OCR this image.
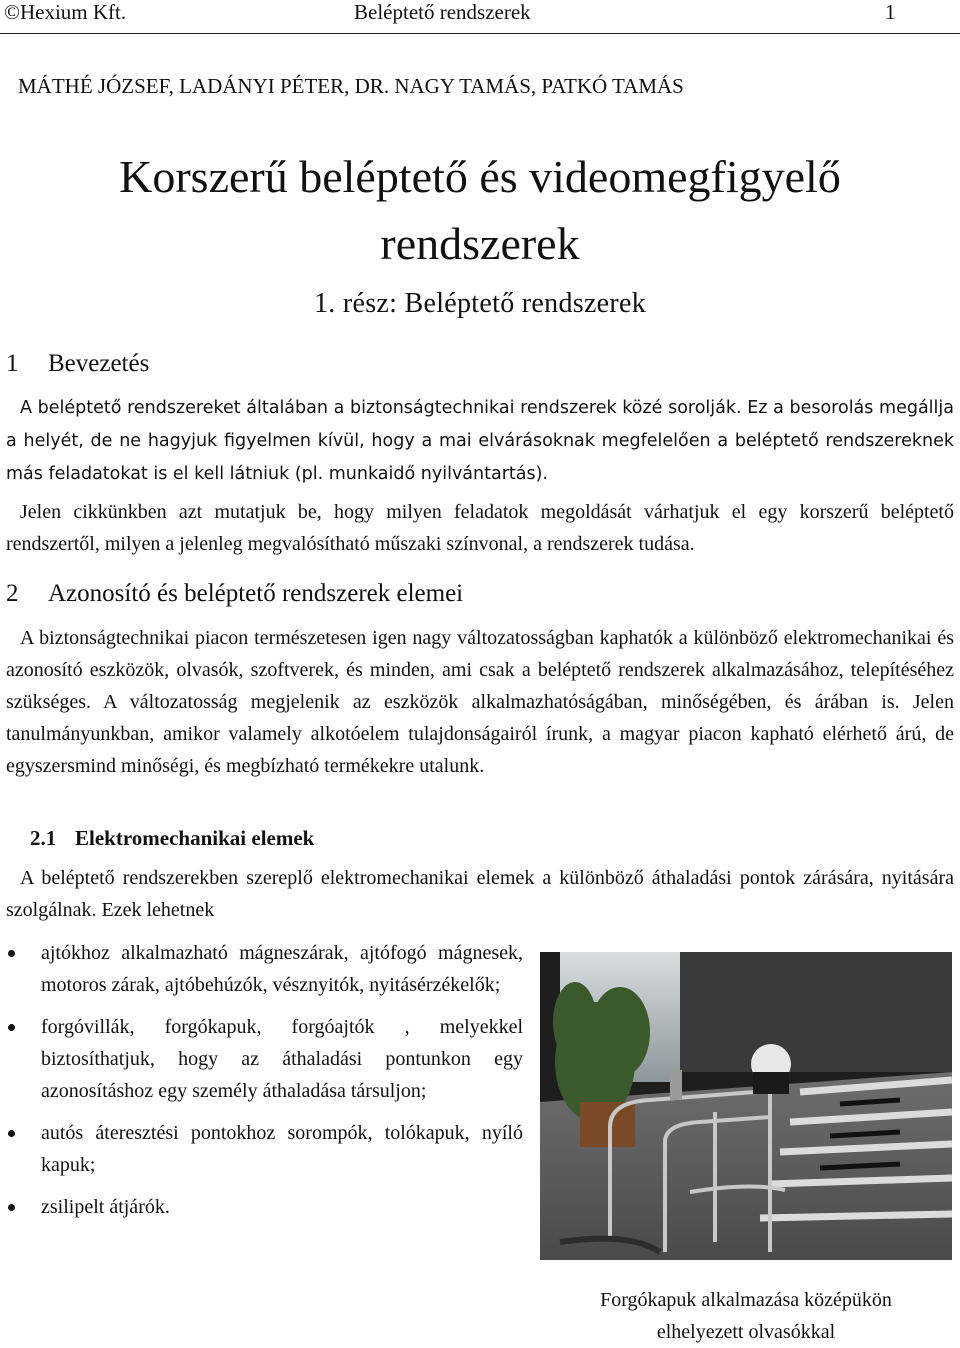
©Hexium Kft.	Beléptető rendszerek	1
MÁTHÉ JÓZSEF, LADÁNYI PÉTER, DR. NAGY TAMÁS, PATKÓ TAMÁS
Korszerű beléptető és videomegfigyelő
rendszerek
1. rész: Beléptető rendszerek
1 Bevezetés

A beléptető rendszereket általában a biztonságtechnikai rendszerek közé sorolják. Ez a besorolás megállja a helyét, de ne hagyjuk figyelmen kívül, hogy a mai elvárásoknak megfelelően a beléptető rendszereknek más feladatokat is el kell látniuk (pl. munkaidő nyilvántartás).

Jelen cikkünkben azt mutatjuk be, hogy milyen feladatok megoldását várhatjuk el egy korszerű beléptető rendszertől, milyen a jelenleg megvalósítható műszaki színvonal, a rendszerek tudása.

2 Azonosító és beléptető rendszerek elemei

A biztonságtechnikai piacon természetesen igen nagy változatosságban kaphatók a különböző elektromechanikai és azonosító eszközök, olvasók, szoftverek, és minden, ami csak a beléptető rendszerek alkalmazásához, telepítéséhez szükséges. A változatosság megjelenik az eszközök alkalmazhatóságában, minőségében, és árában is. Jelen tanulmányunkban, amikor valamely alkotóelem tulajdonságairól írunk, a magyar piacon kapható elérhető árú, de egyszersmind minőségi, és megbízható termékekre utalunk.

2.1 Elektromechanikai elemek

A beléptető rendszerekben szereplő elektromechanikai elemek a különböző áthaladási pontok zárására, nyitására szolgálnak. Ezek lehetnek

ajtókhoz alkalmazható mágneszárak, ajtófogó mágnesek, motoros zárak, ajtóbehúzók, vésznyitók, nyitásérzékelők;
forgóvillák, forgókapuk, forgóajtók , melyekkel biztosíthatjuk, hogy az áthaladási pontunkon egy azonosításhoz egy személy áthaladása társuljon;
autós áteresztési pontokhoz sorompók, tolókapuk, nyíló kapuk;
zsilipelt átjárók.
Forgókapuk alkalmazása középükön
elhelyezett olvasókkal
